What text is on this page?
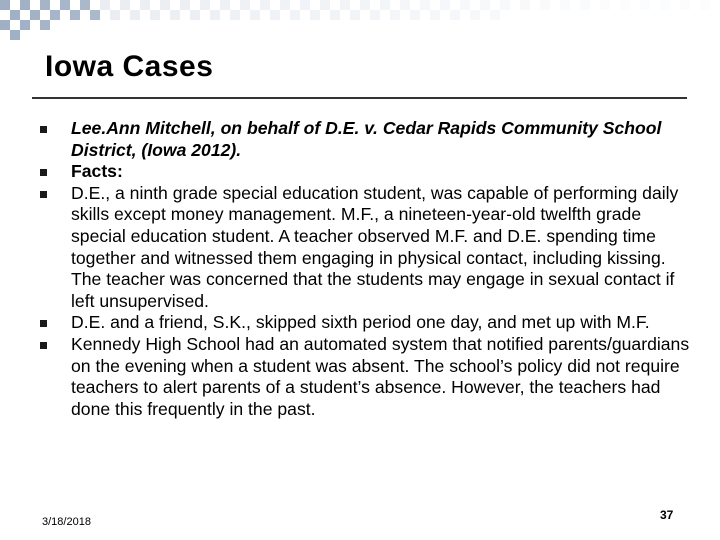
Iowa Cases
Lee.Ann Mitchell, on behalf of D.E. v. Cedar Rapids Community School District, (Iowa 2012).
Facts:
D.E., a ninth grade special education student, was capable of performing daily skills except money management. M.F., a nineteen-year-old twelfth grade special education student. A teacher observed M.F. and D.E. spending time together and witnessed them engaging in physical contact, including kissing. The teacher was concerned that the students may engage in sexual contact if left unsupervised.
D.E. and a friend, S.K., skipped sixth period one day, and met up with M.F.
Kennedy High School had an automated system that notified parents/guardians on the evening when a student was absent. The school’s policy did not require teachers to alert parents of a student’s absence. However, the teachers had done this frequently in the past.
3/18/2018	37
